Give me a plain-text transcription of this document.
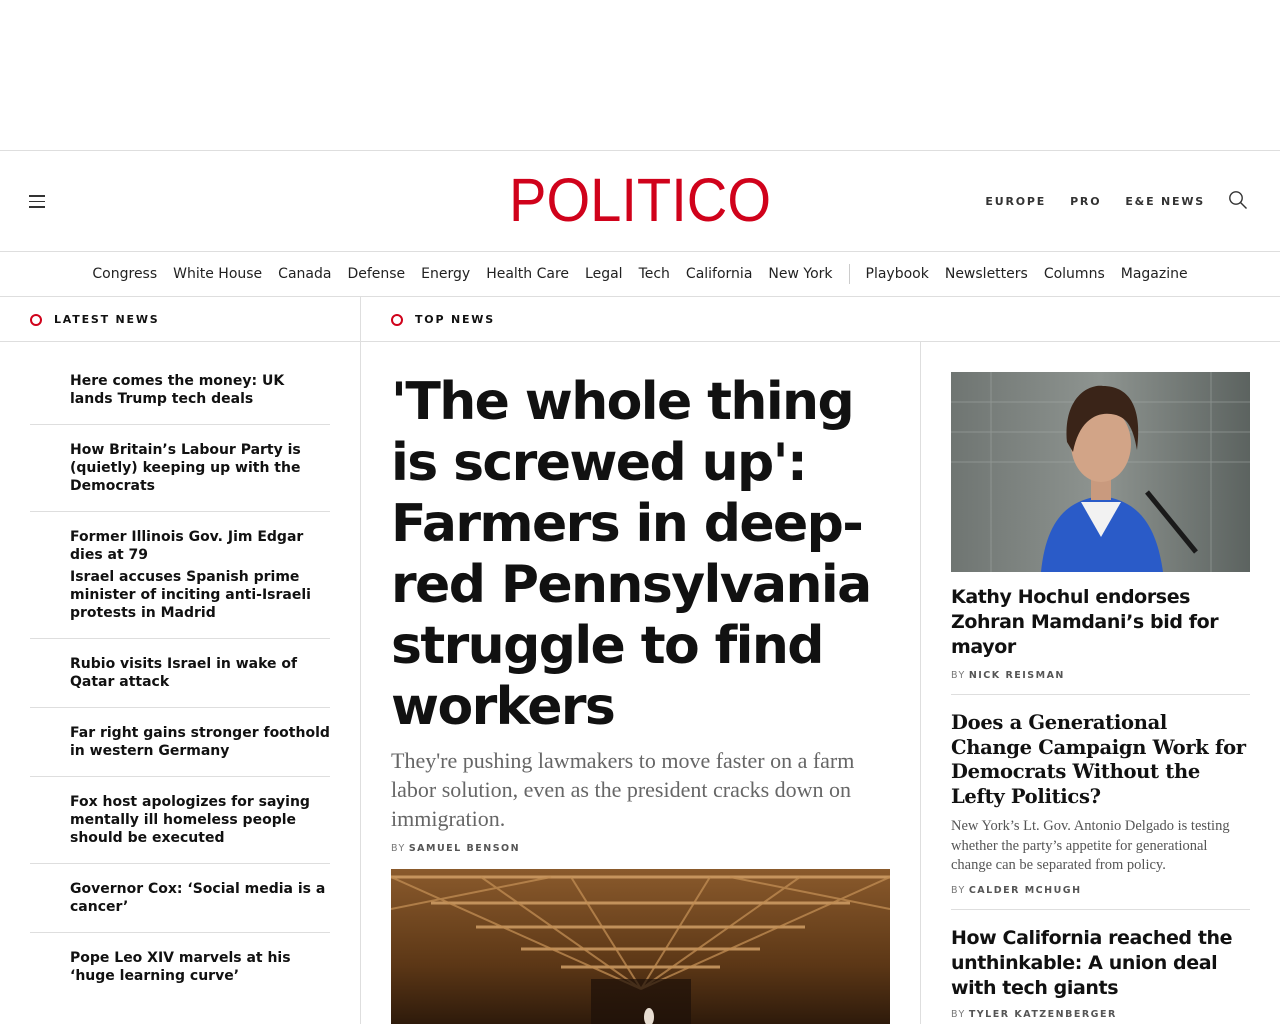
POLITICO	EUROPE PRO E&E NEWS
Congress White House Canada Defense Energy Health Care Legal Tech California New York Playbook Newsletters Columns Magazine
LATEST NEWS	TOP NEWS
Here comes the money: UK lands Trump tech deals
How Britain’s Labour Party is (quietly) keeping up with the Democrats
Former Illinois Gov. Jim Edgar dies at 79
Israel accuses Spanish prime minister of inciting anti-Israeli protests in Madrid
Rubio visits Israel in wake of Qatar attack
Far right gains stronger foothold in western Germany
Fox host apologizes for saying mentally ill homeless people should be executed
Governor Cox: ‘Social media is a cancer’
Pope Leo XIV marvels at his ‘huge learning curve’
'The whole thing is screwed up': Farmers in deep-red Pennsylvania struggle to find workers

They're pushing lawmakers to move faster on a farm labor solution, even as the president cracks down on immigration.

BY SAMUEL BENSON
Kathy Hochul endorses Zohran Mamdani’s bid for mayor
BY NICK REISMAN
Does a Generational Change Campaign Work for Democrats Without the Lefty Politics?

New York’s Lt. Gov. Antonio Delgado is testing whether the party’s appetite for generational change can be separated from policy.

BY CALDER MCHUGH
How California reached the unthinkable: A union deal with tech giants
BY TYLER KATZENBERGER
